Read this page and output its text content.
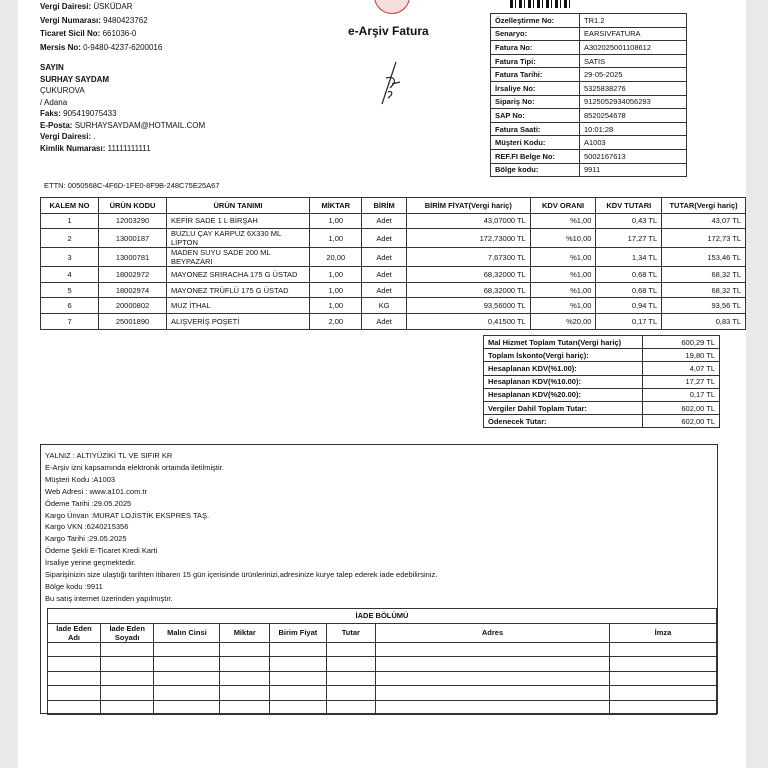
Vergi Dairesi: ÜSKÜDAR
Vergi Numarası: 9480423762
Ticaret Sicil No: 661036-0
Mersis No: 0-9480-4237-6200016
e-Arşiv Fatura
SAYIN
SURHAY SAYDAM
ÇUKUROVA
/ Adana
Faks: 905419075433
E-Posta: SURHAYSAYDAM@HOTMAIL.COM
Vergi Dairesi: .
Kimlik Numarası: 11111111111
Özelleştirme No:	TR1.2
Senaryo:	EARSIVFATURA
Fatura No:	A302025001108612
Fatura Tipi:	SATIS
Fatura Tarihi:	29-05-2025
İrsaliye No:	5325838276
Sipariş No:	9125052934056293
SAP No:	8520254678
Fatura Saati:	10:01:28
Müşteri Kodu:	A1003
REF.FI Belge No:	5002167613
Bölge kodu:	9911
ETTN: 0050568C-4F6D-1FE0-8F9B-248C75E25A67
KALEM NO	ÜRÜN KODU	ÜRÜN TANIMI	MİKTAR	BİRİM	BİRİM FİYAT(Vergi hariç)	KDV ORANI	KDV TUTARI	TUTAR(Vergi hariç)
1	12003290	KEFİR SADE 1 L BİRŞAH	1,00	Adet	43,07000 TL	%1,00	0,43 TL	43,07 TL
2	13000187	BUZLU ÇAY KARPUZ 6X330 ML LİPTON	1,00	Adet	172,73000 TL	%10,00	17,27 TL	172,73 TL
3	13000781	MADEN SUYU SADE 200 ML BEYPAZARI	20,00	Adet	7,67300 TL	%1,00	1,34 TL	153,46 TL
4	18002972	MAYONEZ SRIRACHA 175 G ÜSTAD	1,00	Adet	68,32000 TL	%1,00	0,68 TL	68,32 TL
5	18002974	MAYONEZ TRÜFLÜ 175 G ÜSTAD	1,00	Adet	68,32000 TL	%1,00	0,68 TL	68,32 TL
6	20000802	MUZ İTHAL	1,00	KG	93,56000 TL	%1,00	0,94 TL	93,56 TL
7	25001890	ALIŞVERİŞ POŞETİ	2,00	Adet	0,41500 TL	%20,00	0,17 TL	0,83 TL
Mal Hizmet Toplam Tutarı(Vergi hariç)	600,29 TL
Toplam İskonto(Vergi hariç):	19,80 TL
Hesaplanan KDV(%1.00):	4,07 TL
Hesaplanan KDV(%10.00):	17,27 TL
Hesaplanan KDV(%20.00):	0,17 TL
Vergiler Dahil Toplam Tutar:	602,00 TL
Ödenecek Tutar:	602,00 TL
YALNIZ : ALTIYÜZİKİ TL VE SIFIR KR
E-Arşiv izni kapsamında elektronik ortamda iletilmiştir.
Müşteri Kodu :A1003
Web Adresi : www.a101.com.tr
Ödeme Tarihi :29.05.2025
Kargo Ünvan :MURAT LOJİSTİK EKSPRES TAŞ.
Kargo VKN :6240215356
Kargo Tarihi :29.05.2025
Ödeme Şekli E-Ticaret Kredi Karti
İrsaliye yerine geçmektedir.
Siparişinizin size ulaştığı tarihten itibaren 15 gün içerisinde ürünlerinizi,adresinize kurye talep ederek iade edebilirsiniz.
Bölge kodu :9911
Bu satış internet üzerinden yapılmıştır.
İADE BÖLÜMÜ							
İade Eden Adı	İade Eden Soyadı	Malın Cinsi	Miktar	Birim Fiyat	Tutar	Adres	İmza
